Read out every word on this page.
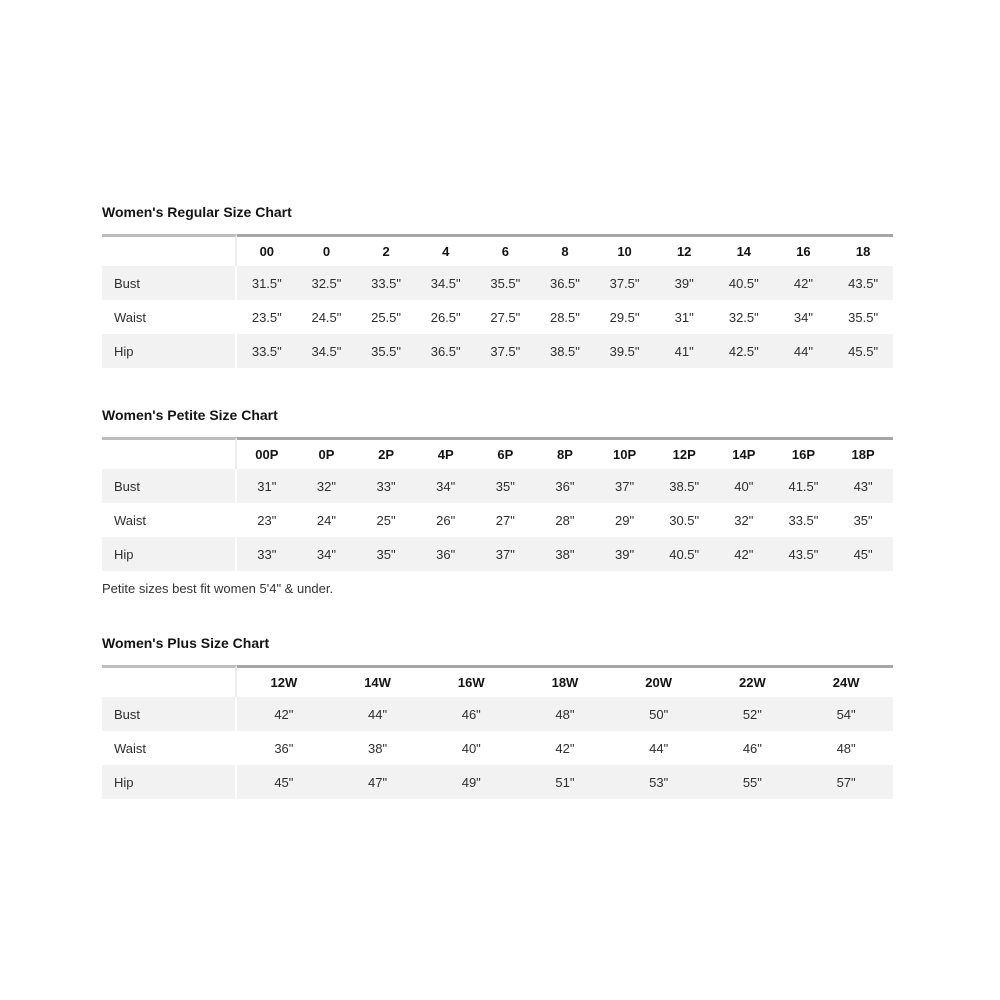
Women's Regular Size Chart
	00	0	2	4	6	8	10	12	14	16	18
Bust	31.5"	32.5"	33.5"	34.5"	35.5"	36.5"	37.5"	39"	40.5"	42"	43.5"
Waist	23.5"	24.5"	25.5"	26.5"	27.5"	28.5"	29.5"	31"	32.5"	34"	35.5"
Hip	33.5"	34.5"	35.5"	36.5"	37.5"	38.5"	39.5"	41"	42.5"	44"	45.5"
Women's Petite Size Chart
	00P	0P	2P	4P	6P	8P	10P	12P	14P	16P	18P
Bust	31"	32"	33"	34"	35"	36"	37"	38.5"	40"	41.5"	43"
Waist	23"	24"	25"	26"	27"	28"	29"	30.5"	32"	33.5"	35"
Hip	33"	34"	35"	36"	37"	38"	39"	40.5"	42"	43.5"	45"

Petite sizes best fit women 5'4" & under.

Women's Plus Size Chart
	12W	14W	16W	18W	20W	22W	24W
Bust	42"	44"	46"	48"	50"	52"	54"
Waist	36"	38"	40"	42"	44"	46"	48"
Hip	45"	47"	49"	51"	53"	55"	57"
